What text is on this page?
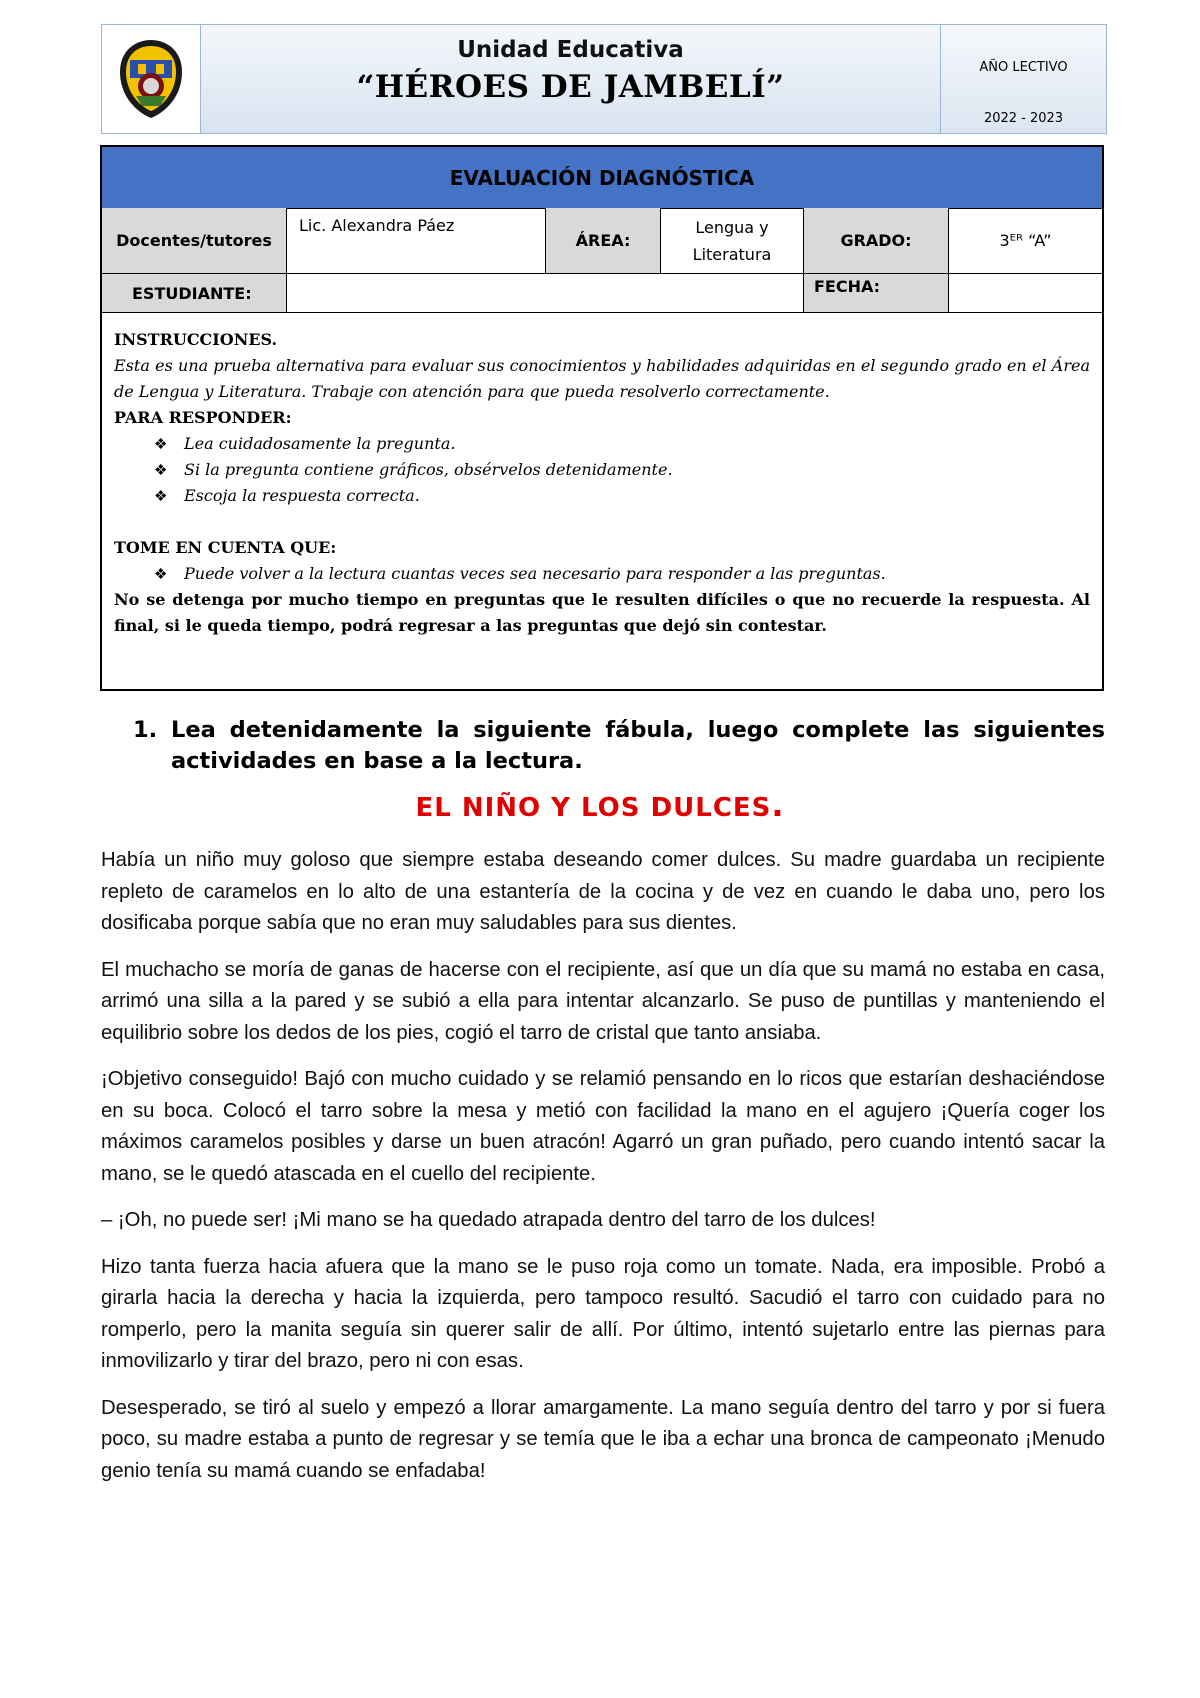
Unidad Educativa
“HÉROES DE JAMBELÍ”
AÑO LECTIVO
2022 - 2023
EVALUACIÓN DIAGNÓSTICA
Docentes/tutores
Lic. Alexandra Páez
ÁREA:
Lengua y Literatura
GRADO:	3ᴱᴿ “A”
ESTUDIANTE:	FECHA:
INSTRUCCIONES.
Esta es una prueba alternativa para evaluar sus conocimientos y habilidades adquiridas en el segundo grado en el Área de Lengua y Literatura. Trabaje con atención para que pueda resolverlo correctamente.
PARA RESPONDER:
❖ Lea cuidadosamente la pregunta.
❖ Si la pregunta contiene gráficos, obsérvelos detenidamente.
❖ Escoja la respuesta correcta.
TOME EN CUENTA QUE:
❖ Puede volver a la lectura cuantas veces sea necesario para responder a las preguntas.
No se detenga por mucho tiempo en preguntas que le resulten difíciles o que no recuerde la respuesta. Al final, si le queda tiempo, podrá regresar a las preguntas que dejó sin contestar.
1. Lea detenidamente la siguiente fábula, luego complete las siguientes actividades en base a la lectura.
EL NIÑO Y LOS DULCES.

Había un niño muy goloso que siempre estaba deseando comer dulces. Su madre guardaba un recipiente repleto de caramelos en lo alto de una estantería de la cocina y de vez en cuando le daba uno, pero los dosificaba porque sabía que no eran muy saludables para sus dientes.

El muchacho se moría de ganas de hacerse con el recipiente, así que un día que su mamá no estaba en casa, arrimó una silla a la pared y se subió a ella para intentar alcanzarlo. Se puso de puntillas y manteniendo el equilibrio sobre los dedos de los pies, cogió el tarro de cristal que tanto ansiaba.

¡Objetivo conseguido! Bajó con mucho cuidado y se relamió pensando en lo ricos que estarían deshaciéndose en su boca. Colocó el tarro sobre la mesa y metió con facilidad la mano en el agujero ¡Quería coger los máximos caramelos posibles y darse un buen atracón! Agarró un gran puñado, pero cuando intentó sacar la mano, se le quedó atascada en el cuello del recipiente.

– ¡Oh, no puede ser! ¡Mi mano se ha quedado atrapada dentro del tarro de los dulces!

Hizo tanta fuerza hacia afuera que la mano se le puso roja como un tomate. Nada, era imposible. Probó a girarla hacia la derecha y hacia la izquierda, pero tampoco resultó. Sacudió el tarro con cuidado para no romperlo, pero la manita seguía sin querer salir de allí. Por último, intentó sujetarlo entre las piernas para inmovilizarlo y tirar del brazo, pero ni con esas.

Desesperado, se tiró al suelo y empezó a llorar amargamente. La mano seguía dentro del tarro y por si fuera poco, su madre estaba a punto de regresar y se temía que le iba a echar una bronca de campeonato ¡Menudo genio tenía su mamá cuando se enfadaba!
